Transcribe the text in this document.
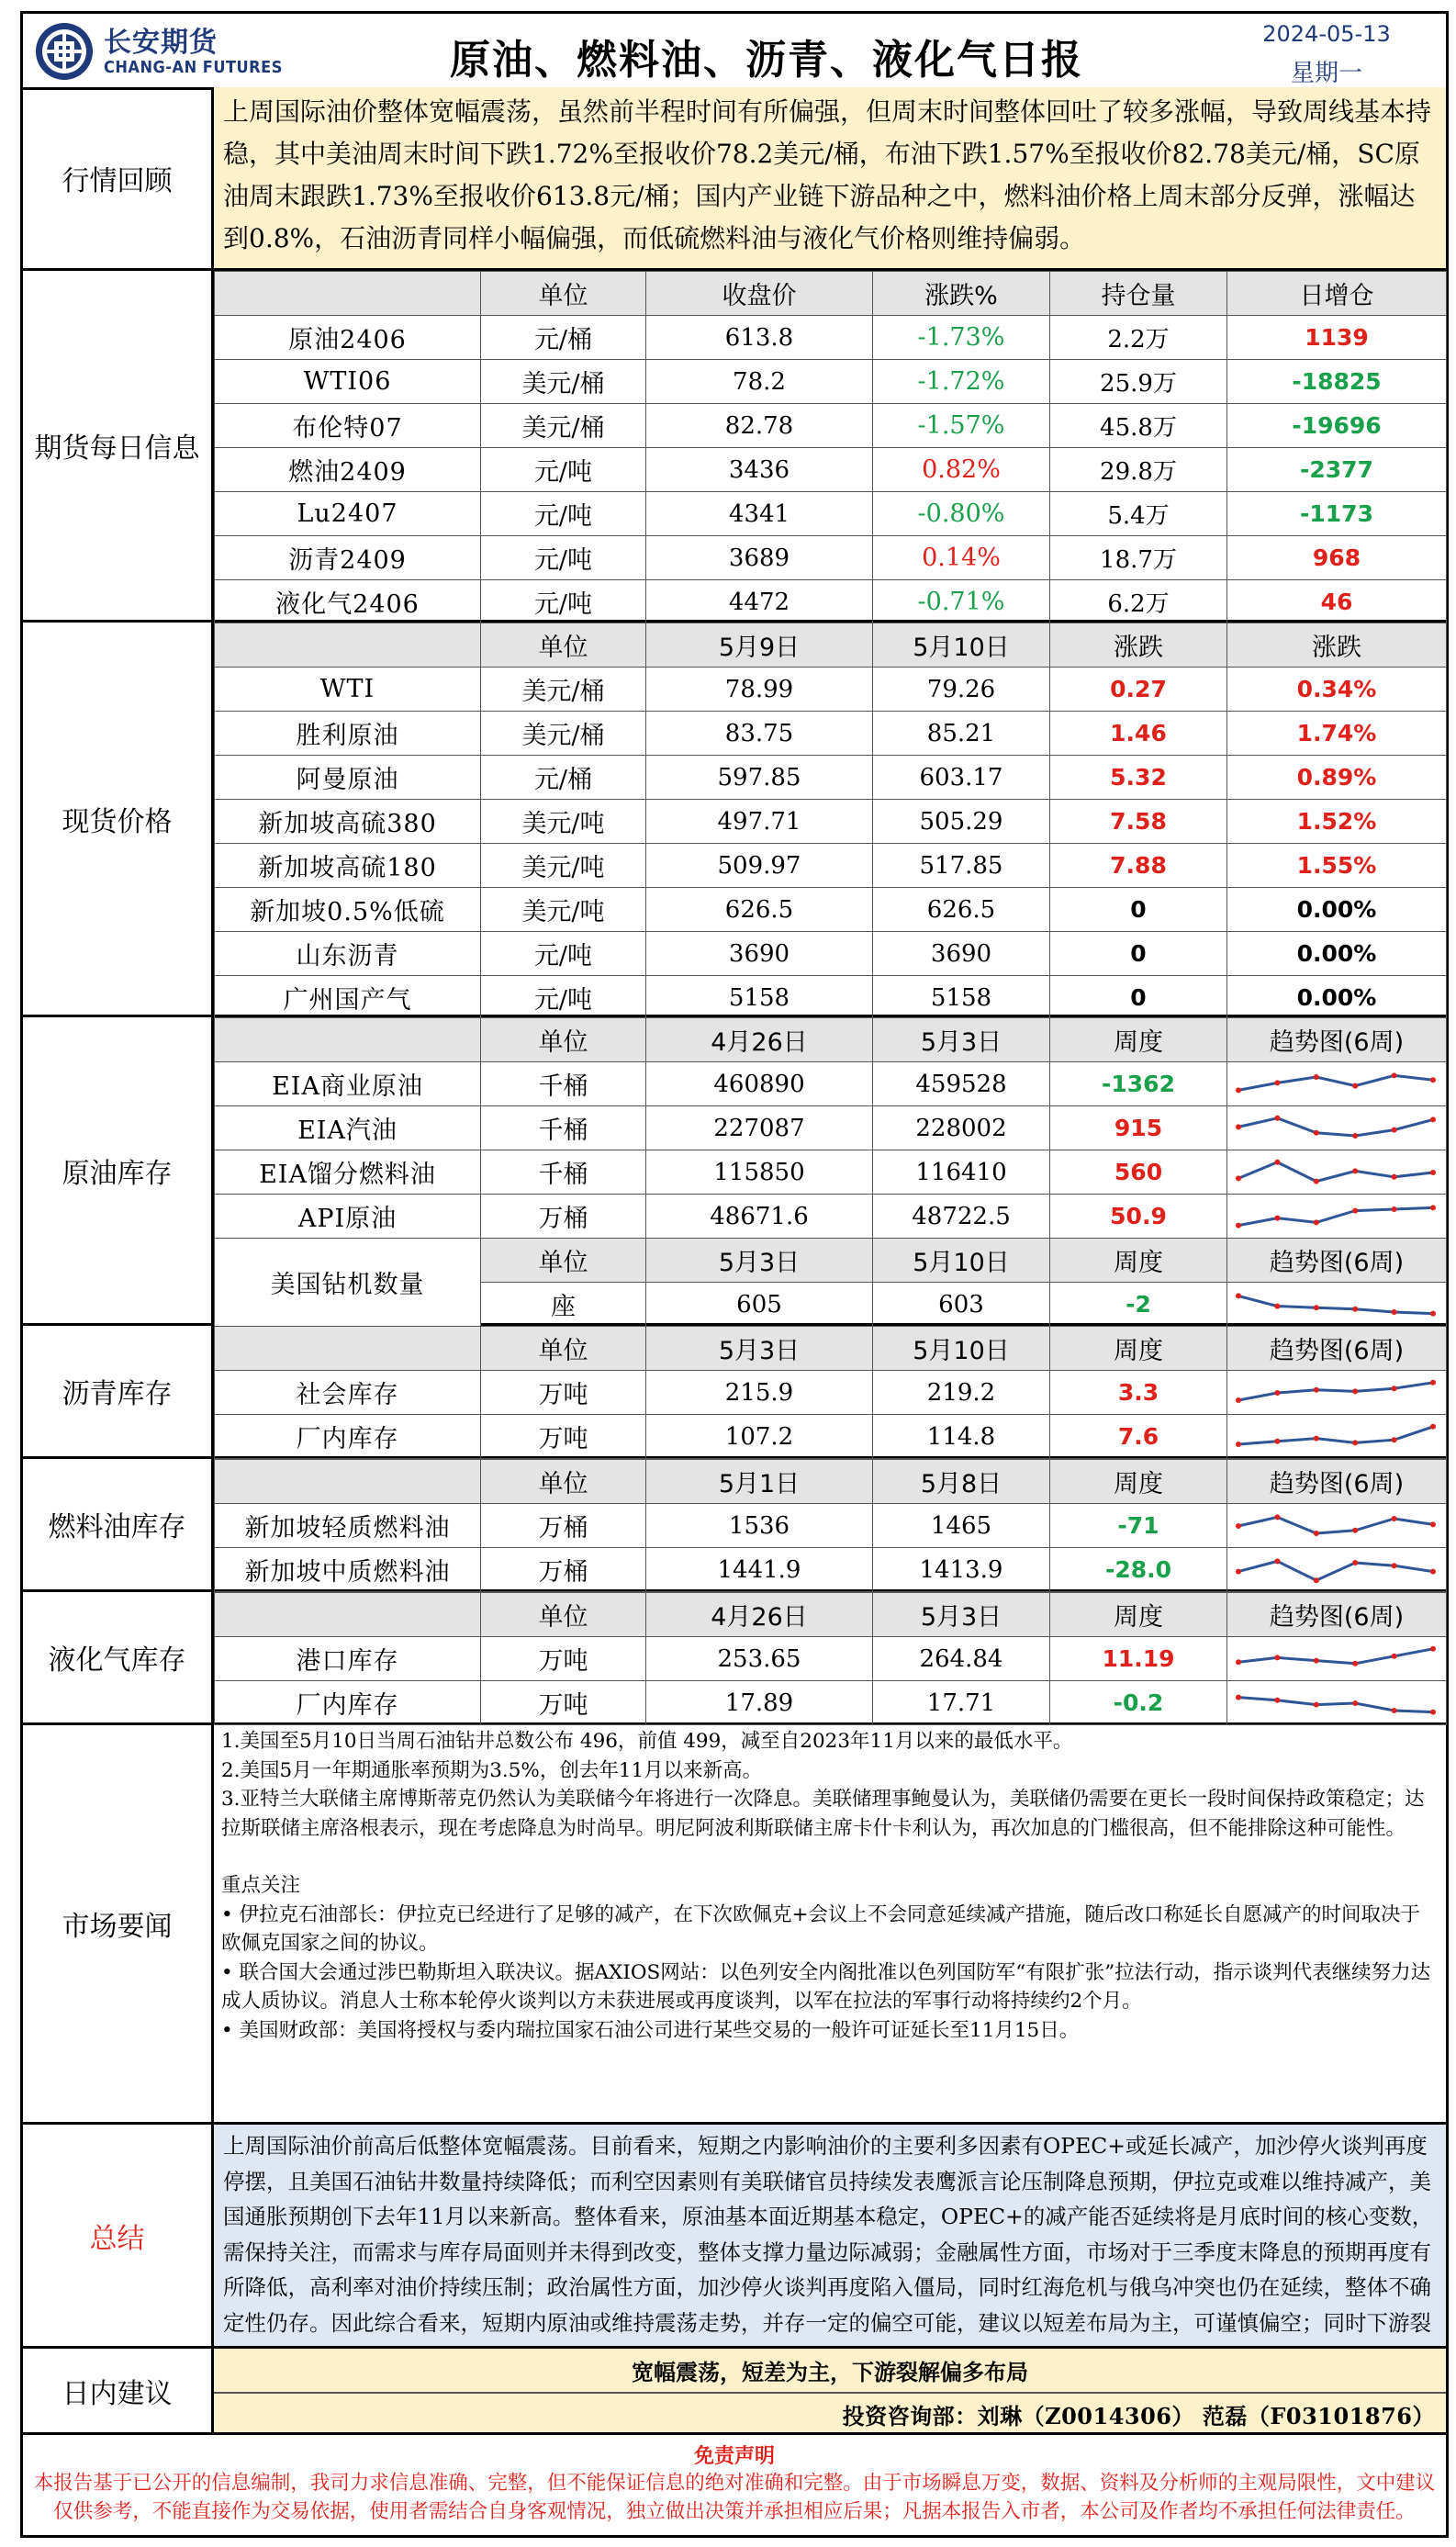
长安期货
CHANG-AN FUTURES	原油、燃料油、沥青、液化气日报
2024-05-13
星期一
行情回顾
上周国际油价整体宽幅震荡，虽然前半程时间有所偏强，但周末时间整体回吐了较多涨幅，导致周线基本持稳，其中美油周末时间下跌1.72%至报收价78.2美元/桶，布油下跌1.57%至报收价82.78美元/桶，SC原油周末跟跌1.73%至报收价613.8元/桶；国内产业链下游品种之中，燃料油价格上周末部分反弹，涨幅达到0.8%，石油沥青同样小幅偏强，而低硫燃料油与液化气价格则维持偏弱。
期货每日信息
	单位	收盘价	涨跌%	持仓量	日增仓
原油2406	元/桶	613.8	-1.73%	2.2万	1139
WTI06	美元/桶	78.2	-1.72%	25.9万	-18825
布伦特07	美元/桶	82.78	-1.57%	45.8万	-19696
燃油2409	元/吨	3436	0.82%	29.8万	-2377
Lu2407	元/吨	4341	-0.80%	5.4万	-1173
沥青2409	元/吨	3689	0.14%	18.7万	968
液化气2406	元/吨	4472	-0.71%	6.2万	46
现货价格
	单位	5月9日	5月10日	涨跌	涨跌
WTI	美元/桶	78.99	79.26	0.27	0.34%
胜利原油	美元/桶	83.75	85.21	1.46	1.74%
阿曼原油	元/桶	597.85	603.17	5.32	0.89%
新加坡高硫380	美元/吨	497.71	505.29	7.58	1.52%
新加坡高硫180	美元/吨	509.97	517.85	7.88	1.55%
新加坡0.5%低硫	美元/吨	626.5	626.5	0	0.00%
山东沥青	元/吨	3690	3690	0	0.00%
广州国产气	元/吨	5158	5158	0	0.00%
原油库存
	单位	4月26日	5月3日	周度	趋势图(6周)
EIA商业原油	千桶	460890	459528	-1362	

EIA汽油	千桶	227087	228002	915	

EIA馏分燃料油	千桶	115850	116410	560	

API原油	万桶	48671.6	48722.5	50.9	

美国钻机数量	单位	5月3日	5月10日	周度	趋势图(6周)
	座	605	603	-2	
沥青库存
	单位	5月3日	5月10日	周度	趋势图(6周)
社会库存	万吨	215.9	219.2	3.3	

厂内库存	万吨	107.2	114.8	7.6	
燃料油库存
	单位	5月1日	5月8日	周度	趋势图(6周)
新加坡轻质燃料油	万桶	1536	1465	-71	

新加坡中质燃料油	万桶	1441.9	1413.9	-28.0	
液化气库存
	单位	4月26日	5月3日	周度	趋势图(6周)
港口库存	万吨	253.65	264.84	11.19	

厂内库存	万吨	17.89	17.71	-0.2	
市场要闻

1.美国至5月10日当周石油钻井总数公布 496，前值 499，减至自2023年11月以来的最低水平。

2.美国5月一年期通胀率预期为3.5%，创去年11月以来新高。

3.亚特兰大联储主席博斯蒂克仍然认为美联储今年将进行一次降息。美联储理事鲍曼认为，美联储仍需要在更长一段时间保持政策稳定；达拉斯联储主席洛根表示，现在考虑降息为时尚早。明尼阿波利斯联储主席卡什卡利认为，再次加息的门槛很高，但不能排除这种可能性。

重点关注

• 伊拉克石油部长：伊拉克已经进行了足够的减产，在下次欧佩克+会议上不会同意延续减产措施，随后改口称延长自愿减产的时间取决于欧佩克国家之间的协议。

• 联合国大会通过涉巴勒斯坦入联决议。据AXIOS网站：以色列安全内阁批准以色列国防军“有限扩张”拉法行动，指示谈判代表继续努力达成人质协议。消息人士称本轮停火谈判以方未获进展或再度谈判，以军在拉法的军事行动将持续约2个月。

• 美国财政部：美国将授权与委内瑞拉国家石油公司进行某些交易的一般许可证延长至11月15日。

总结
上周国际油价前高后低整体宽幅震荡。目前看来，短期之内影响油价的主要利多因素有OPEC+或延长减产，加沙停火谈判再度停摆，且美国石油钻井数量持续降低；而利空因素则有美联储官员持续发表鹰派言论压制降息预期，伊拉克或难以维持减产，美国通胀预期创下去年11月以来新高。整体看来，原油基本面近期基本稳定，OPEC+的减产能否延续将是月底时间的核心变数，需保持关注，而需求与库存局面则并未得到改变，整体支撑力量边际减弱；金融属性方面，市场对于三季度末降息的预期再度有所降低，高利率对油价持续压制；政治属性方面，加沙停火谈判再度陷入僵局，同时红海危机与俄乌冲突也仍在延续，整体不确定性仍存。因此综合看来，短期内原油或维持震荡走势，并存一定的偏空可能，建议以短差布局为主，可谨慎偏空；同时下游裂
日内建议
宽幅震荡，短差为主，下游裂解偏多布局
投资咨询部：刘琳（Z0014306） 范磊（F03101876）
免责声明
本报告基于已公开的信息编制，我司力求信息准确、完整，但不能保证信息的绝对准确和完整。由于市场瞬息万变，数据、资料及分析师的主观局限性，文中建议仅供参考，不能直接作为交易依据，使用者需结合自身客观情况，独立做出决策并承担相应后果；凡据本报告入市者，本公司及作者均不承担任何法律责任。
